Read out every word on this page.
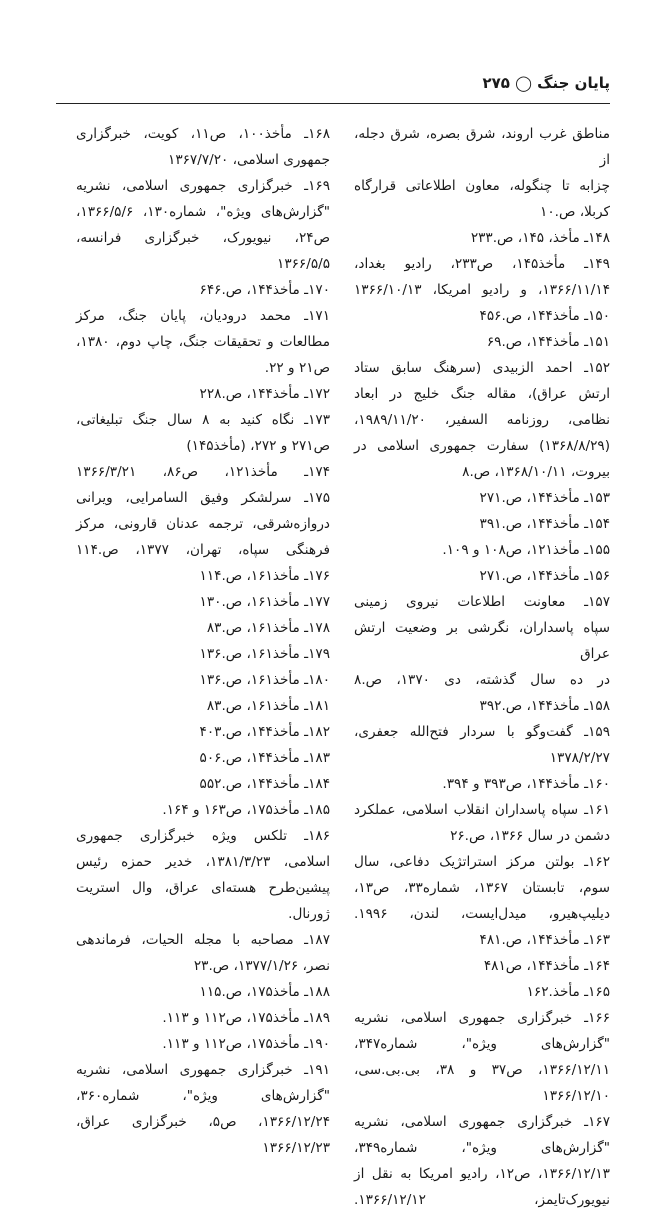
پایان جنگ ◯ ۲۷۵

مناطق غرب اروند، شرق بصره، شرق دجله، از

چزابه تا چنگوله، معاون اطلاعاتی قرارگاه

کربلا، ص.۱۰

۱۴۸ـ مأخذ، ۱۴۵، ص.۲۳۳

۱۴۹ـ مأخذ۱۴۵، ص۲۳۳، رادیو بغداد،

۱۳۶۶/۱۱/۱۴، و رادیو امریکا، ۱۳۶۶/۱۰/۱۳

۱۵۰ـ مأخذ۱۴۴، ص.۴۵۶

۱۵۱ـ مأخذ۱۴۴، ص.۶۹

۱۵۲ـ احمد الزبیدی (سرهنگ سابق ستاد

ارتش عراق)، مقاله جنگ خلیج در ابعاد

نظامی، روزنامه السفیر، ۱۹۸۹/۱۱/۲۰،

(۱۳۶۸/۸/۲۹) سفارت جمهوری اسلامی در

بیروت، ۱۳۶۸/۱۰/۱۱، ص.۸

۱۵۳ـ مأخذ۱۴۴، ص.۲۷۱

۱۵۴ـ مأخذ۱۴۴، ص.۳۹۱

۱۵۵ـ مأخذ۱۲۱، ص۱۰۸ و ۱۰۹.

۱۵۶ـ مأخذ۱۴۴، ص.۲۷۱

۱۵۷ـ معاونت اطلاعات نیروی زمینی

سپاه پاسداران، نگرشی بر وضعیت ارتش عراق

در ده سال گذشته، دی ۱۳۷۰، ص.۸

۱۵۸ـ مأخذ۱۴۴، ص.۳۹۲

۱۵۹ـ گفت‌وگو با سردار فتح‌الله جعفری،

۱۳۷۸/۲/۲۷

۱۶۰ـ مأخذ۱۴۴، ص۳۹۳ و ۳۹۴.

۱۶۱ـ سپاه پاسداران انقلاب اسلامی، عملکرد

دشمن در سال ۱۳۶۶، ص.۲۶

۱۶۲ـ بولتن مرکز استراتژیک دفاعی، سال

سوم، تابستان ۱۳۶۷، شماره۳۳، ص۱۳،

دیلیپ‌هیرو، میدل‌ایست، لندن، ۱۹۹۶.

۱۶۳ـ مأخذ۱۴۴، ص.۴۸۱

۱۶۴ـ مأخذ۱۴۴، ص۴۸۱

۱۶۵ـ مأخذ.۱۶۲

۱۶۶ـ خبرگزاری جمهوری اسلامی، نشریه

"گزارش‌های ویژه"، شماره۳۴۷،

۱۳۶۶/۱۲/۱۱، ص۳۷ و ۳۸، بی.بی.سی،

۱۳۶۶/۱۲/۱۰

۱۶۷ـ خبرگزاری جمهوری اسلامی، نشریه

"گزارش‌های ویژه"، شماره۳۴۹،

۱۳۶۶/۱۲/۱۳، ص۱۲، رادیو امریکا به نقل از

نیویورک‌تایمز، ۱۳۶۶/۱۲/۱۲.

۱۶۸ـ مأخذ۱۰۰، ص۱۱، کویت، خبرگزاری

جمهوری اسلامی، ۱۳۶۷/۷/۲۰

۱۶۹ـ خبرگزاری جمهوری اسلامی، نشریه

"گزارش‌های ویژه"، شماره۱۳۰، ۱۳۶۶/۵/۶،

ص۲۴، نیویورک، خبرگزاری فرانسه،

۱۳۶۶/۵/۵

۱۷۰ـ مأخذ۱۴۴، ص.۶۴۶

۱۷۱ـ محمد درودیان، پایان جنگ، مرکز

مطالعات و تحقیقات جنگ، چاپ دوم، ۱۳۸۰،

ص۲۱ و ۲۲.

۱۷۲ـ مأخذ۱۴۴، ص.۲۲۸

۱۷۳ـ نگاه کنید به ۸ سال جنگ تبلیغاتی،

ص۲۷۱ و ۲۷۲، (مأخذ۱۴۵)

۱۷۴ـ مأخذ۱۲۱، ص۸۶، ۱۳۶۶/۳/۲۱

۱۷۵ـ سرلشکر وفیق السامرایی، ویرانی

دروازه‌شرقی، ترجمه عدنان قارونی، مرکز

فرهنگی سپاه، تهران، ۱۳۷۷، ص.۱۱۴

۱۷۶ـ مأخذ۱۶۱، ص.۱۱۴

۱۷۷ـ مأخذ۱۶۱، ص.۱۳۰

۱۷۸ـ مأخذ۱۶۱، ص.۸۳

۱۷۹ـ مأخذ۱۶۱، ص.۱۳۶

۱۸۰ـ مأخذ۱۶۱، ص.۱۳۶

۱۸۱ـ مأخذ۱۶۱، ص.۸۳

۱۸۲ـ مأخذ۱۴۴، ص.۴۰۳

۱۸۳ـ مأخذ۱۴۴، ص.۵۰۶

۱۸۴ـ مأخذ۱۴۴، ص.۵۵۲

۱۸۵ـ مأخذ۱۷۵، ص۱۶۳ و ۱۶۴.

۱۸۶ـ تلکس ویژه خبرگزاری جمهوری

اسلامی، ۱۳۸۱/۳/۲۳، خدیر حمزه رئیس

پیشین‌طرح هسته‌ای عراق، وال استریت

ژورنال.

۱۸۷ـ مصاحبه با مجله الحیات، فرماندهی

نصر، ۱۳۷۷/۱/۲۶، ص.۲۳

۱۸۸ـ مأخذ۱۷۵، ص.۱۱۵

۱۸۹ـ مأخذ۱۷۵، ص۱۱۲ و ۱۱۳.

۱۹۰ـ مأخذ۱۷۵، ص۱۱۲ و ۱۱۳.

۱۹۱ـ خبرگزاری جمهوری اسلامی، نشریه

"گزارش‌های ویژه"، شماره۳۶۰،

۱۳۶۶/۱۲/۲۴، ص۵، خبرگزاری عراق،

۱۳۶۶/۱۲/۲۳
